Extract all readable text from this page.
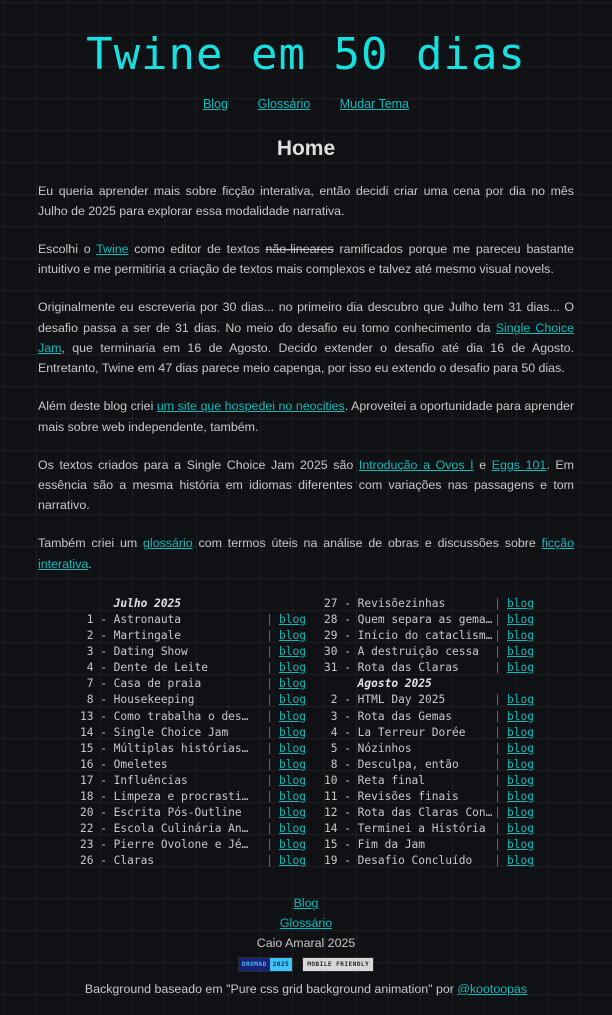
Twine em 50 dias
Blog Glossário Mudar Tema
Home

Eu queria aprender mais sobre ficção interativa, então decidi criar uma cena por dia no mês Julho de 2025 para explorar essa modalidade narrativa.

Escolhi o Twine como editor de textos não-lineares ramificados porque me pareceu bastante intuitivo e me permitiria a criação de textos mais complexos e talvez até mesmo visual novels.

Originalmente eu escreveria por 30 dias... no primeiro dia descubro que Julho tem 31 dias... O desafio passa a ser de 31 dias. No meio do desafio eu tomo conhecimento da Single Choice Jam, que terminaria em 16 de Agosto. Decido extender o desafio até dia 16 de Agosto. Entretanto, Twine em 47 dias parece meio capenga, por isso eu extendo o desafio para 50 dias.

Além deste blog criei um site que hospedei no neocities. Aproveitei a oportunidade para aprender mais sobre web independente, também.

Os textos criados para a Single Choice Jam 2025 são Introdução a Ovos I e Eggs 101. Em essência são a mesma história em idiomas diferentes com variações nas passagens e tom narrativo.

Também criei um glossário com termos úteis na análise de obras e discussões sobre ficção interativa.

Julho 2025
1 - Astronauta	| blog
2 - Martingale	| blog
3 - Dating Show	| blog
4 - Dente de Leite	| blog
7 - Casa de praia	| blog
8 - Housekeeping	| blog
13 - Como trabalha o des…	| blog
14 - Single Choice Jam	| blog
15 - Múltiplas histórias…	| blog
16 - Omeletes	| blog
17 - Influências	| blog
18 - Limpeza e procrasti…	| blog
20 - Escrita Pós-Outline	| blog
22 - Escola Culinária An…	| blog
23 - Pierre Ovolone e Jé…	| blog
26 - Claras	| blog
27 - Revisõezinhas	| blog
28 - Quem separa as gema… | blog
29 - Início do cataclism… | blog
30 - A destruição cessa	| blog
31 - Rota das Claras	| blog
Agosto 2025
2 - HTML Day 2025	| blog
3 - Rota das Gemas	| blog
4 - La Terreur Dorée	| blog
5 - Nózinhos	| blog
8 - Desculpa, então	| blog
10 - Reta final	| blog
11 - Revisões finais	| blog
12 - Rota das Claras Con… | blog
14 - Terminei a História | blog
15 - Fim da Jam	| blog
19 - Desafio Concluído	| blog
Blog
Glossário
Caio Amaral 2025
DROMAD 2025	MOBILE FRIENDLY
Background baseado em "Pure css grid background animation" por @kootoopas
